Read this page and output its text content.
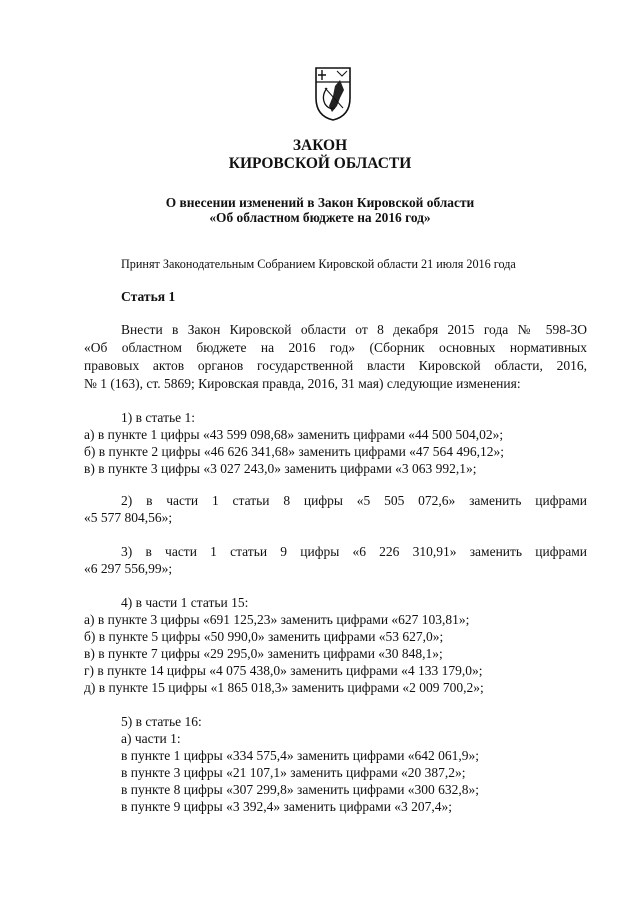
ЗАКОН
КИРОВСКОЙ ОБЛАСТИ
О внесении изменений в Закон Кировской области
«Об областном бюджете на 2016 год»
Принят Законодательным Собранием Кировской области 21 июля 2016 года
Статья 1
Внести в Закон Кировской области от 8 декабря 2015 года № 598-ЗО
«Об областном бюджете на 2016 год» (Сборник основных нормативных
правовых актов органов государственной власти Кировской области, 2016,
№ 1 (163), ст. 5869; Кировская правда, 2016, 31 мая) следующие изменения:
1) в статье 1:
а) в пункте 1 цифры «43 599 098,68» заменить цифрами «44 500 504,02»;
б) в пункте 2 цифры «46 626 341,68» заменить цифрами «47 564 496,12»;
в) в пункте 3 цифры «3 027 243,0» заменить цифрами «3 063 992,1»;
2) в части 1 статьи 8 цифры «5 505 072,6» заменить цифрами
«5 577 804,56»;
3) в части 1 статьи 9 цифры «6 226 310,91» заменить цифрами
«6 297 556,99»;
4) в части 1 статьи 15:
а) в пункте 3 цифры «691 125,23» заменить цифрами «627 103,81»;
б) в пункте 5 цифры «50 990,0» заменить цифрами «53 627,0»;
в) в пункте 7 цифры «29 295,0» заменить цифрами «30 848,1»;
г) в пункте 14 цифры «4 075 438,0» заменить цифрами «4 133 179,0»;
д) в пункте 15 цифры «1 865 018,3» заменить цифрами «2 009 700,2»;
5) в статье 16:
а) части 1:
в пункте 1 цифры «334 575,4» заменить цифрами «642 061,9»;
в пункте 3 цифры «21 107,1» заменить цифрами «20 387,2»;
в пункте 8 цифры «307 299,8» заменить цифрами «300 632,8»;
в пункте 9 цифры «3 392,4» заменить цифрами «3 207,4»;
